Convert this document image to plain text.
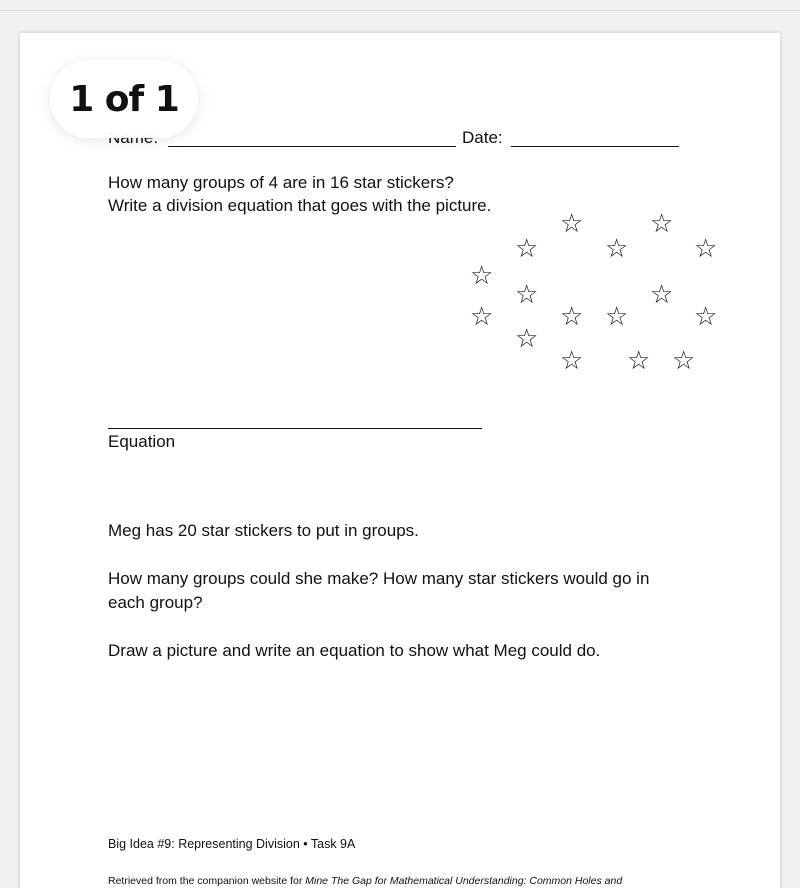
1 of 1
Date:
How many groups of 4 are in 16 star stickers?
Write a division equation that goes with the picture.
☆	☆
☆	☆	☆
☆
☆	☆
☆	☆ ☆	☆
☆
☆ ☆ ☆
Equation
Meg has 20 star stickers to put in groups.
How many groups could she make? How many star stickers would go in
each group?
Draw a picture and write an equation to show what Meg could do.
Big Idea #9: Representing Division • Task 9A
Retrieved from the companion website for Mine The Gap for Mathematical Understanding: Common Holes and
